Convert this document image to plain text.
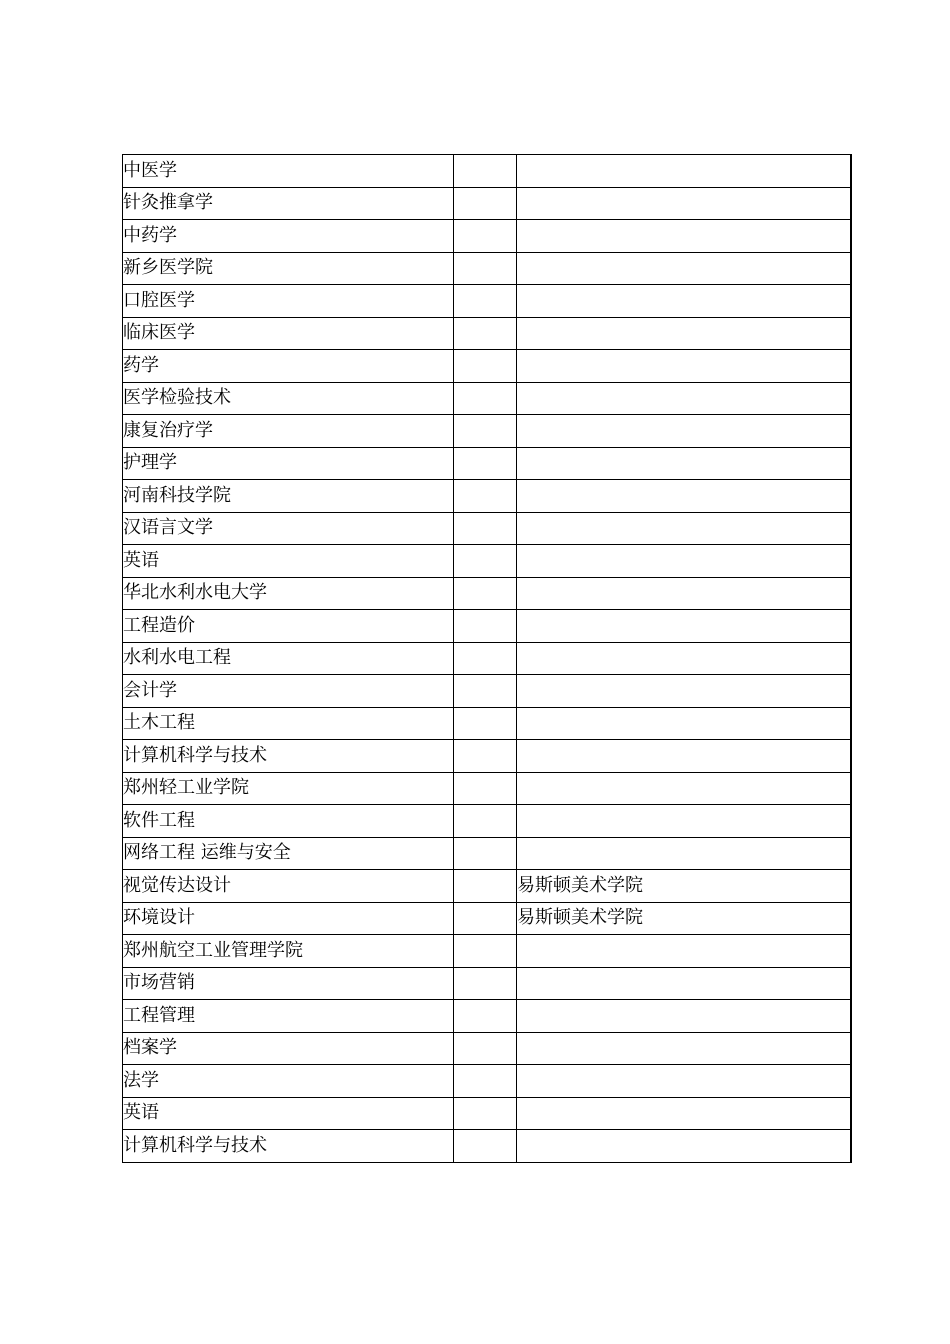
中医学		
针灸推拿学		
中药学		
新乡医学院		
口腔医学		
临床医学		
药学		
医学检验技术		
康复治疗学		
护理学		
河南科技学院		
汉语言文学		
英语		
华北水利水电大学		
工程造价		
水利水电工程		
会计学		
土木工程		
计算机科学与技术		
郑州轻工业学院		
软件工程		
网络工程 运维与安全		
视觉传达设计		易斯顿美术学院
环境设计		易斯顿美术学院
郑州航空工业管理学院		
市场营销		
工程管理		
档案学		
法学		
英语		
计算机科学与技术		
